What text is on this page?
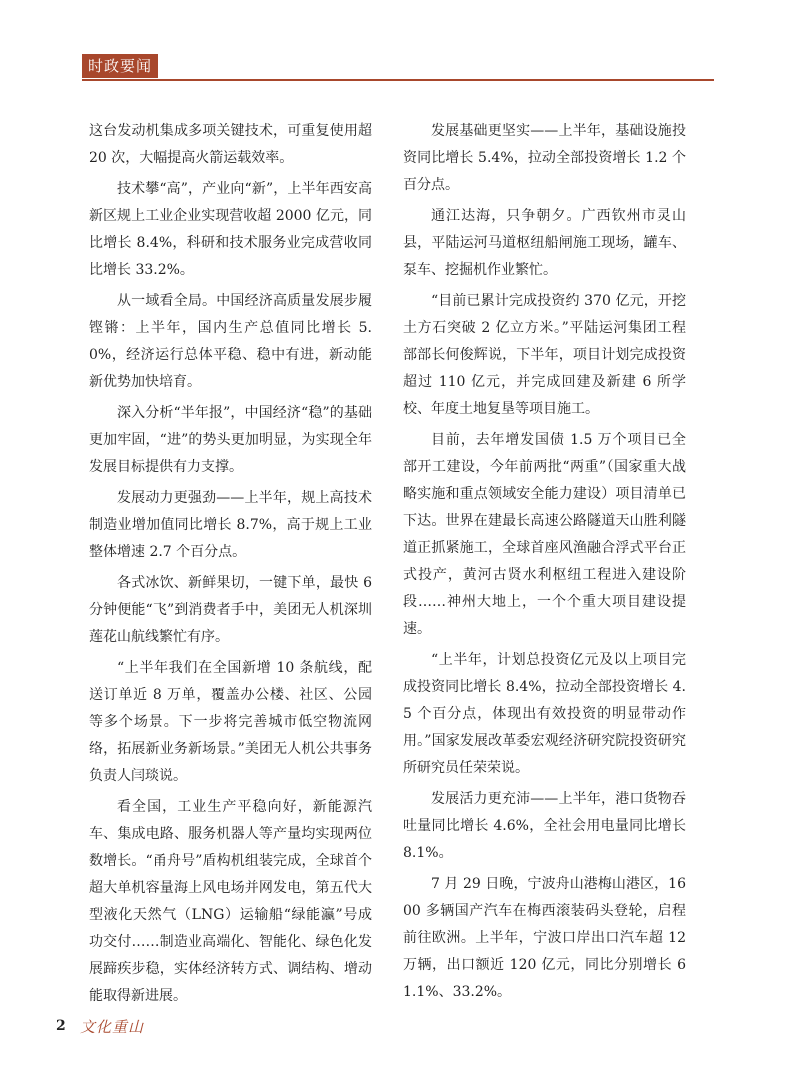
时政要闻

这台发动机集成多项关键技术，可重复使用超 20 次，大幅提高火箭运载效率。

技术攀“高”，产业向“新”，上半年西安高新区规上工业企业实现营收超 2000 亿元，同比增长 8.4%，科研和技术服务业完成营收同比增长 33.2%。

从一域看全局。中国经济高质量发展步履铿锵：上半年，国内生产总值同比增长 5.0%，经济运行总体平稳、稳中有进，新动能新优势加快培育。

深入分析“半年报”，中国经济“稳”的基础更加牢固，“进”的势头更加明显，为实现全年发展目标提供有力支撑。

发展动力更强劲——上半年，规上高技术制造业增加值同比增长 8.7%，高于规上工业整体增速 2.7 个百分点。

各式冰饮、新鲜果切，一键下单，最快 6 分钟便能“飞”到消费者手中，美团无人机深圳莲花山航线繁忙有序。

“上半年我们在全国新增 10 条航线，配送订单近 8 万单，覆盖办公楼、社区、公园等多个场景。下一步将完善城市低空物流网络，拓展新业务新场景。”美团无人机公共事务负责人闫琰说。

看全国，工业生产平稳向好，新能源汽车、集成电路、服务机器人等产量均实现两位数增长。“甬舟号”盾构机组装完成，全球首个超大单机容量海上风电场并网发电，第五代大型液化天然气（LNG）运输船“绿能瀛”号成功交付……制造业高端化、智能化、绿色化发展蹄疾步稳，实体经济转方式、调结构、增动能取得新进展。

发展基础更坚实——上半年，基础设施投资同比增长 5.4%，拉动全部投资增长 1.2 个百分点。

通江达海，只争朝夕。广西钦州市灵山县，平陆运河马道枢纽船闸施工现场，罐车、泵车、挖掘机作业繁忙。

“目前已累计完成投资约 370 亿元，开挖土方石突破 2 亿立方米。”平陆运河集团工程部部长何俊辉说，下半年，项目计划完成投资超过 110 亿元，并完成回建及新建 6 所学校、年度土地复垦等项目施工。

目前，去年增发国债 1.5 万个项目已全部开工建设，今年前两批“两重”（国家重大战略实施和重点领域安全能力建设）项目清单已下达。世界在建最长高速公路隧道天山胜利隧道正抓紧施工，全球首座风渔融合浮式平台正式投产，黄河古贤水利枢纽工程进入建设阶段……神州大地上，一个个重大项目建设提速。

“上半年，计划总投资亿元及以上项目完成投资同比增长 8.4%，拉动全部投资增长 4.5 个百分点，体现出有效投资的明显带动作用。”国家发展改革委宏观经济研究院投资研究所研究员任荣荣说。

发展活力更充沛——上半年，港口货物吞吐量同比增长 4.6%，全社会用电量同比增长 8.1%。

7 月 29 日晚，宁波舟山港梅山港区，1600 多辆国产汽车在梅西滚装码头登轮，启程前往欧洲。上半年，宁波口岸出口汽车超 12 万辆，出口额近 120 亿元，同比分别增长 61.1%、33.2%。

2 文化重山
